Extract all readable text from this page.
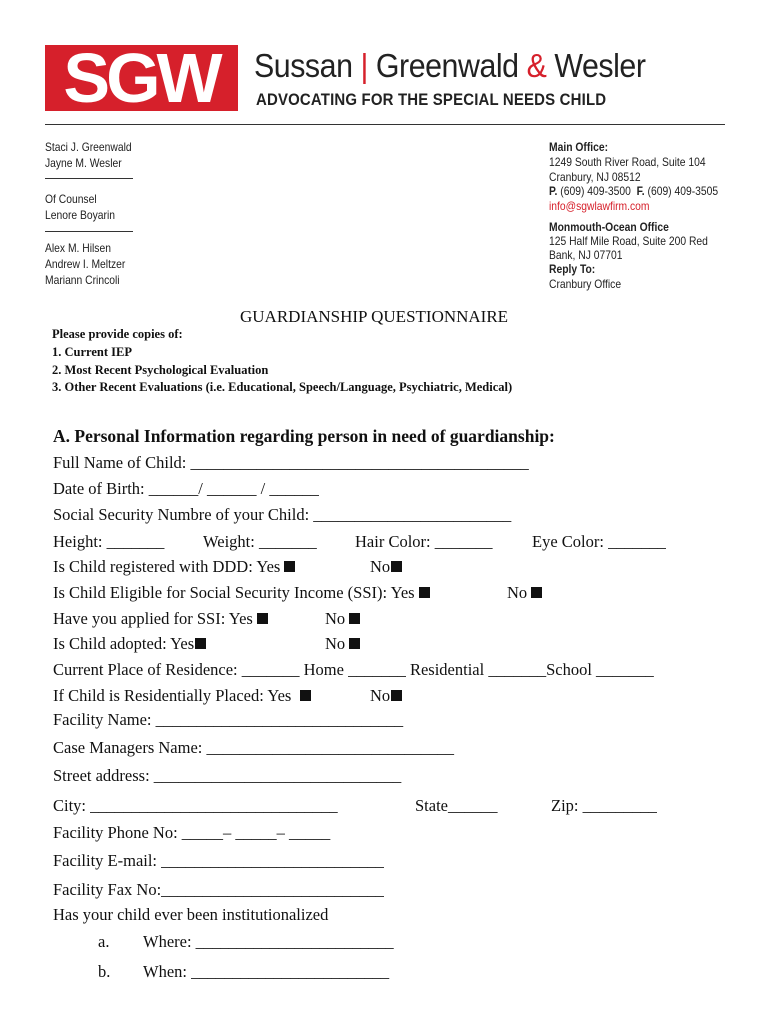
SGW Sussan | Greenwald & Wesler
ADVOCATING FOR THE SPECIAL NEEDS CHILD
Staci J. Greenwald
Jayne M. Wesler
Of Counsel
Lenore Boyarin
Alex M. Hilsen
Andrew I. Meltzer
Mariann Crincoli
Main Office:
1249 South River Road, Suite 104
Cranbury, NJ 08512
P. (609) 409-3500 F. (609) 409-3505
info@sgwlawfirm.com
Monmouth-Ocean Office
125 Half Mile Road, Suite 200 Red
Bank, NJ 07701
Reply To:
Cranbury Office
GUARDIANSHIP QUESTIONNAIRE
Please provide copies of:
1. Current IEP
2. Most Recent Psychological Evaluation
3. Other Recent Evaluations (i.e. Educational, Speech/Language, Psychiatric, Medical)
A. Personal Information regarding person in need of guardianship:
Full Name of Child: _________________________________________
Date of Birth: ______/ ______ / ______
Social Security Numbre of your Child: ________________________
Height: _______ Weight: _______ Hair Color: _______ Eye Color: _______
Is Child registered with DDD: Yes	No
Is Child Eligible for Social Security Income (SSI): Yes	No
Have you applied for SSI: Yes	No
Is Child adopted: Yes	No
Current Place of Residence: _______ Home _______ Residential _______School _______
If Child is Residentially Placed: Yes	No
Facility Name: ______________________________
Case Managers Name: ______________________________
Street address: ______________________________
City: ______________________________	State______	Zip: _________
Facility Phone No: _____– _____– _____
Facility E-mail: ___________________________
Facility Fax No:___________________________
Has your child ever been institutionalized
a. Where: ________________________
b. When: ________________________
